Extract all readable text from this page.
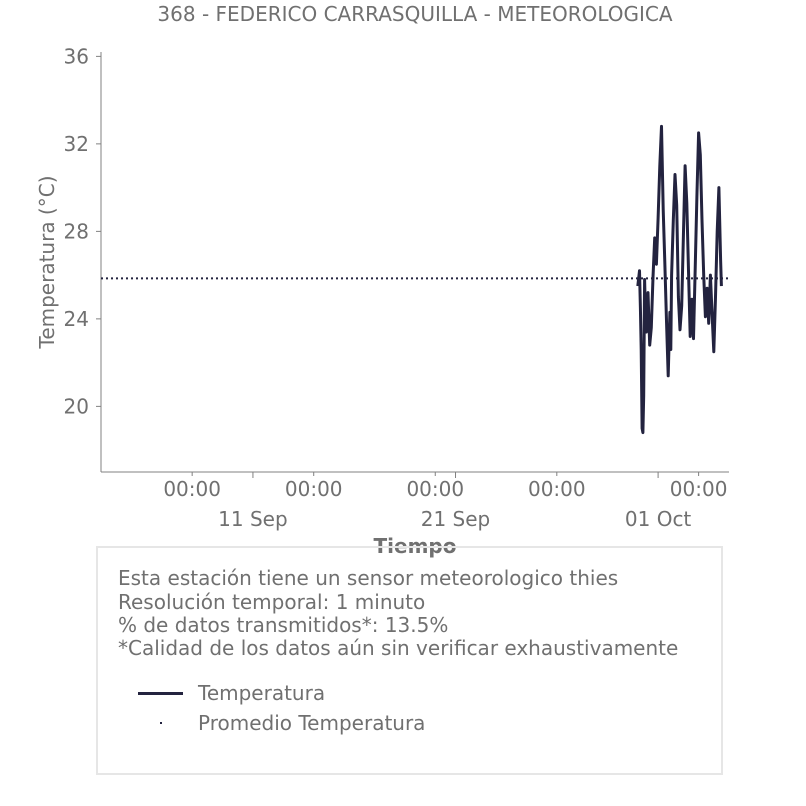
368 - FEDERICO CARRASQUILLA - METEOROLOGICA
20
24
28
32
36
00:00	00:00	00:00	00:00	00:00
11 Sep	21 Sep	01 Oct
Temperatura (°C)
Tiempo
Esta estación tiene un sensor meteorologico thies
Resolución temporal: 1 minuto
% de datos transmitidos*: 13.5%
*Calidad de los datos aún sin verificar exhaustivamente
Temperatura
Promedio Temperatura
